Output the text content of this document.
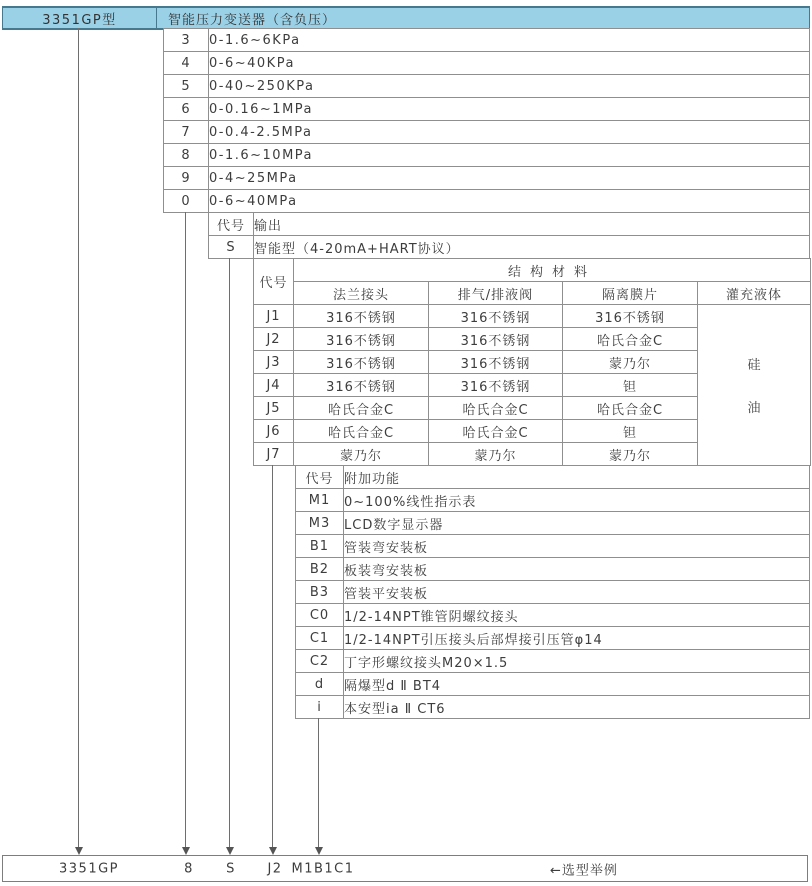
3351GP型	智能压力变送器（含负压）
3	0-1.6~6KPa
4	0-6~40KPa
5	0-40~250KPa
6	0-0.16~1MPa
7	0-0.4-2.5MPa
8	0-1.6~10MPa
9	0-4~25MPa
0	0-6~40MPa
代号	输出
S	智能型（4-20mA+HART协议）
代号	结构材料			
	法兰接头	排气/排液阀	隔离膜片	灌充液体
J1	316不锈钢	316不锈钢	316不锈钢	硅
油

J2	316不锈钢	316不锈钢	哈氏合金C	
J3	316不锈钢	316不锈钢	蒙乃尔	
J4	316不锈钢	316不锈钢	钽	
J5	哈氏合金C	哈氏合金C	哈氏合金C	
J6	哈氏合金C	哈氏合金C	钽	
J7	蒙乃尔	蒙乃尔	蒙乃尔	
代号	附加功能
M1	0~100%线性指示表
M3	LCD数字显示器
B1	管装弯安装板
B2	板装弯安装板
B3	管装平安装板
C0	1/2-14NPT锥管阴螺纹接头
C1	1/2-14NPT引压接头后部焊接引压管φ14
C2	丁字形螺纹接头M20×1.5
d	隔爆型d Ⅱ BT4
i	本安型ia Ⅱ CT6
3351GP	8 S J2 M1B1C1	←选型举例
